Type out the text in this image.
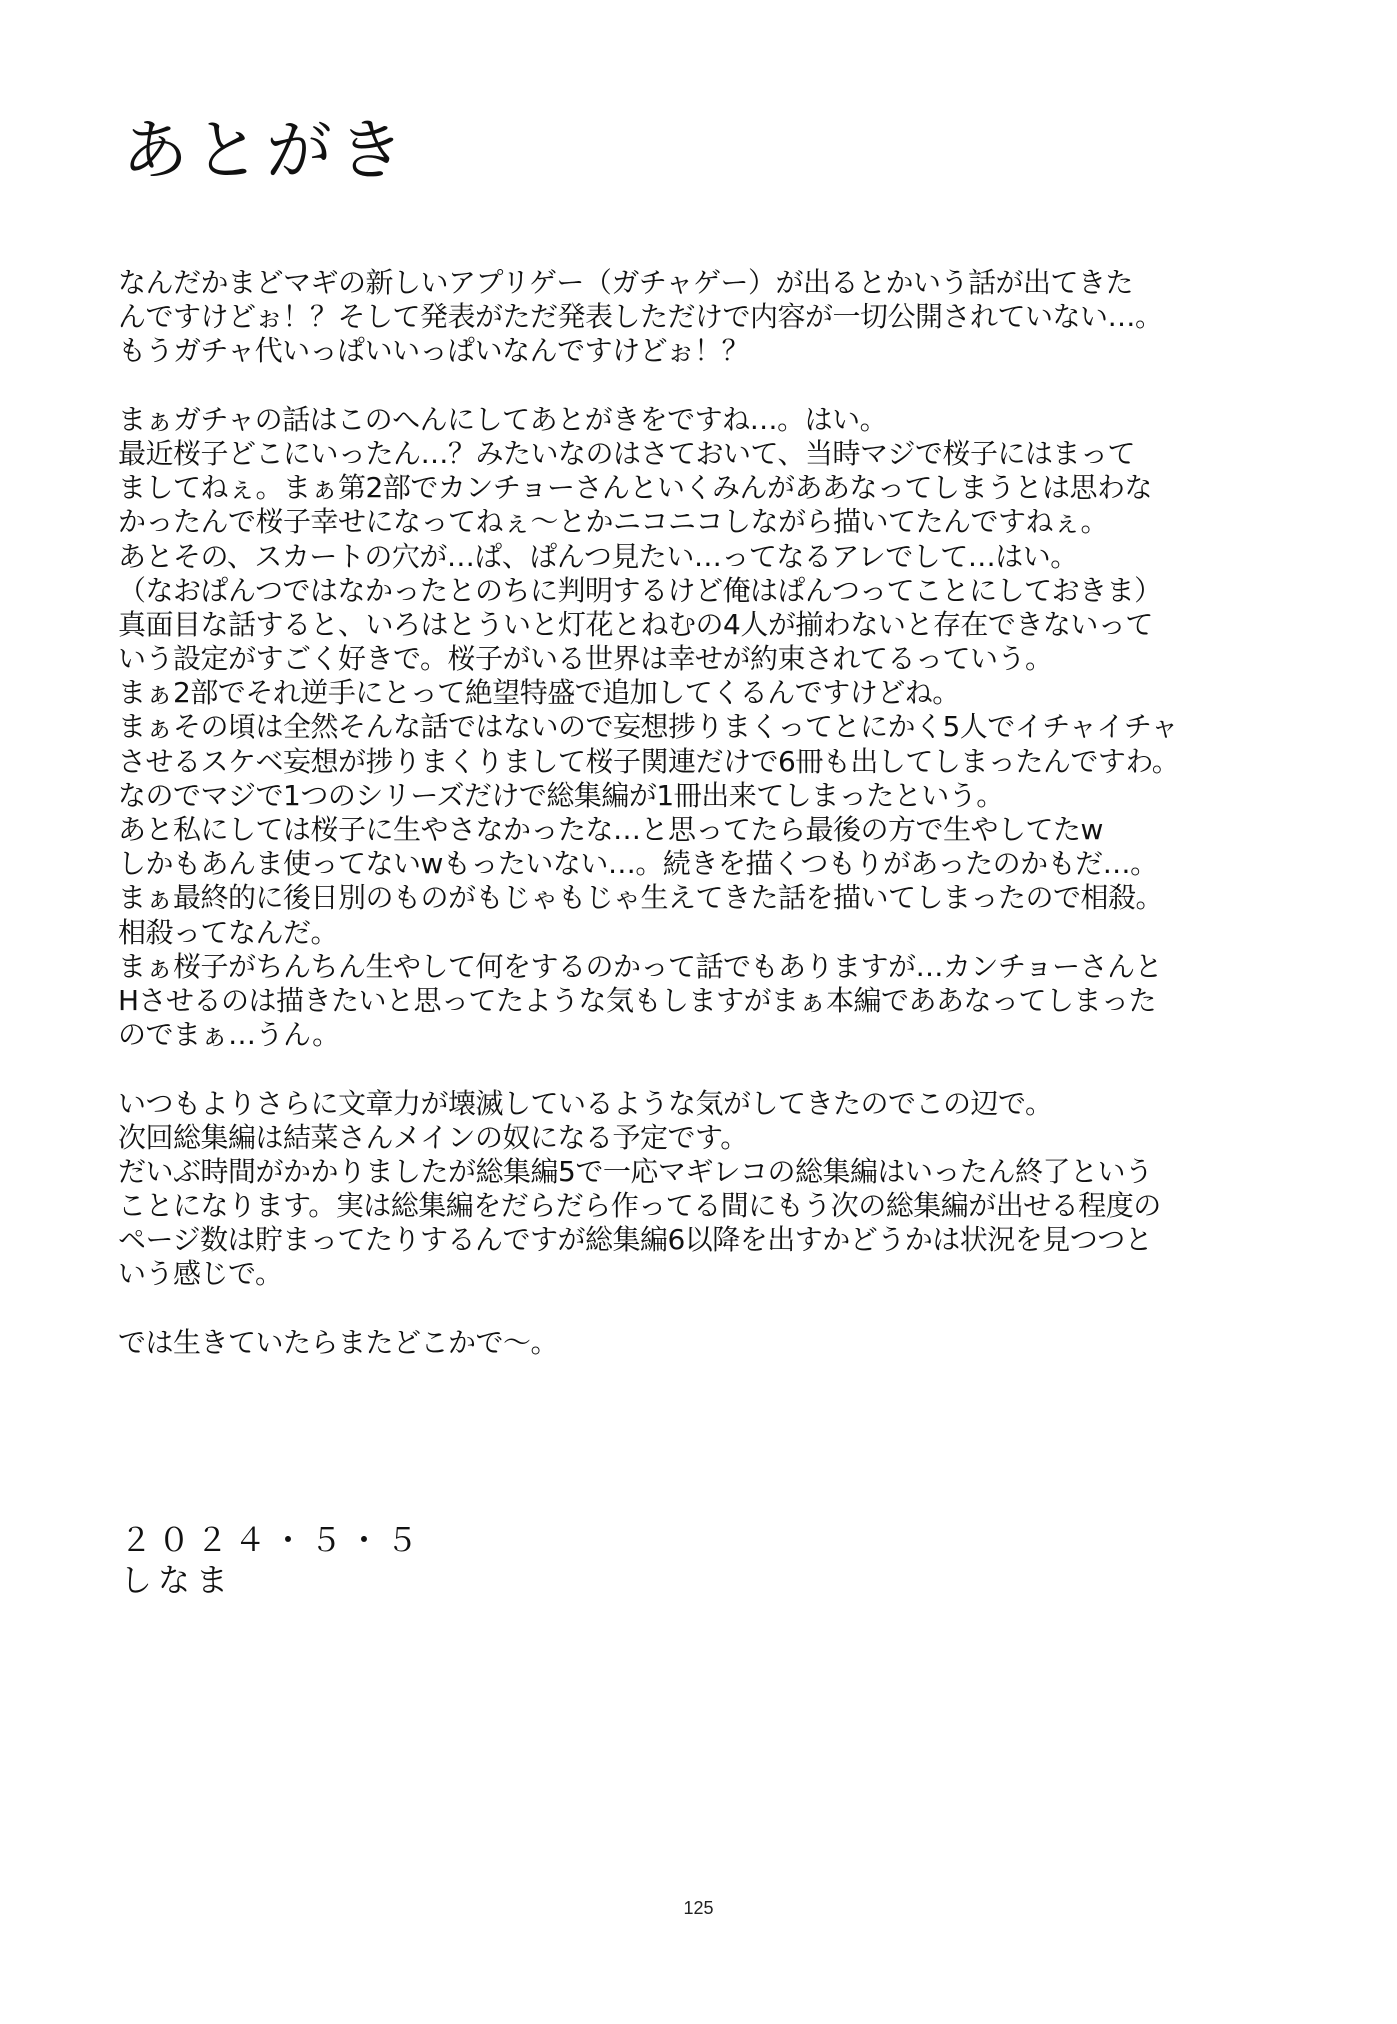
あとがき
なんだかまどマギの新しいアプリゲー（ガチャゲー）が出るとかいう話が出てきた
んですけどぉ！？そして発表がただ発表しただけで内容が一切公開されていない…。
もうガチャ代いっぱいいっぱいなんですけどぉ！？
まぁガチャの話はこのへんにしてあとがきをですね…。はい。
最近桜子どこにいったん…？みたいなのはさておいて、当時マジで桜子にはまって
ましてねぇ。まぁ第2部でカンチョーさんといくみんがああなってしまうとは思わな
かったんで桜子幸せになってねぇ～とかニコニコしながら描いてたんですねぇ。
あとその、スカートの穴が…ぱ、ぱんつ見たい…ってなるアレでして…はい。
（なおぱんつではなかったとのちに判明するけど俺はぱんつってことにしておきま）
真面目な話すると、いろはとういと灯花とねむの4人が揃わないと存在できないって
いう設定がすごく好きで。桜子がいる世界は幸せが約束されてるっていう。
まぁ2部でそれ逆手にとって絶望特盛で追加してくるんですけどね。
まぁその頃は全然そんな話ではないので妄想捗りまくってとにかく5人でイチャイチャ
させるスケベ妄想が捗りまくりまして桜子関連だけで6冊も出してしまったんですわ。
なのでマジで1つのシリーズだけで総集編が1冊出来てしまったという。
あと私にしては桜子に生やさなかったな…と思ってたら最後の方で生やしてたw
しかもあんま使ってないwもったいない…。続きを描くつもりがあったのかもだ…。
まぁ最終的に後日別のものがもじゃもじゃ生えてきた話を描いてしまったので相殺。
相殺ってなんだ。
まぁ桜子がちんちん生やして何をするのかって話でもありますが…カンチョーさんと
Hさせるのは描きたいと思ってたような気もしますがまぁ本編でああなってしまった
のでまぁ…うん。
いつもよりさらに文章力が壊滅しているような気がしてきたのでこの辺で。
次回総集編は結菜さんメインの奴になる予定です。
だいぶ時間がかかりましたが総集編5で一応マギレコの総集編はいったん終了という
ことになります。実は総集編をだらだら作ってる間にもう次の総集編が出せる程度の
ページ数は貯まってたりするんですが総集編6以降を出すかどうかは状況を見つつと
いう感じで。
では生きていたらまたどこかで～。
２０２４・５・５
しなま
125
